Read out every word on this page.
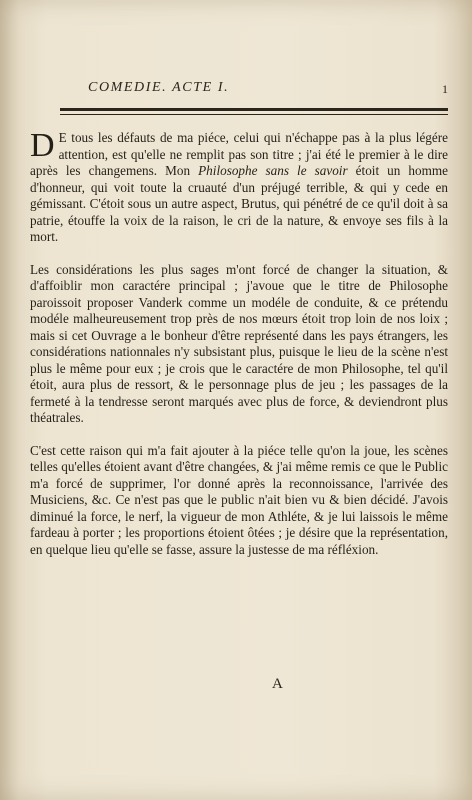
COMEDIE. ACTE I.	1

D E tous les défauts de ma piéce, celui qui n'échappe pas à la plus légére attention, est qu'elle ne remplit pas son titre ; j'ai été le premier à le dire après les changemens. Mon Philosophe sans le savoir étoit un homme d'honneur, qui voit toute la cruauté d'un préjugé terrible, & qui y cede en gémissant. C'étoit sous un autre aspect, Brutus, qui pénétré de ce qu'il doit à sa patrie, étouffe la voix de la raison, le cri de la nature, & envoye ses fils à la mort.

Les considérations les plus sages m'ont forcé de changer la situation, & d'affoiblir mon caractére principal ; j'avoue que le titre de Philosophe paroissoit proposer Vanderk comme un modéle de conduite, & ce prétendu modéle malheureusement trop près de nos mœurs étoit trop loin de nos loix ; mais si cet Ouvrage a le bonheur d'être représenté dans les pays étrangers, les considérations nationnales n'y subsistant plus, puisque le lieu de la scène n'est plus le même pour eux ; je crois que le caractére de mon Philosophe, tel qu'il étoit, aura plus de ressort, & le personnage plus de jeu ; les passages de la fermeté à la tendresse seront marqués avec plus de force, & deviendront plus théatrales.

C'est cette raison qui m'a fait ajouter à la piéce telle qu'on la joue, les scènes telles qu'elles étoient avant d'être changées, & j'ai même remis ce que le Public m'a forcé de supprimer, l'or donné après la reconnoissance, l'arrivée des Musiciens, &c. Ce n'est pas que le public n'ait bien vu & bien décidé. J'avois diminué la force, le nerf, la vigueur de mon Athléte, & je lui laissois le même fardeau à porter ; les proportions étoient ôtées ; je désire que la représentation, en quelque lieu qu'elle se fasse, assure la justesse de ma réfléxion.

A
